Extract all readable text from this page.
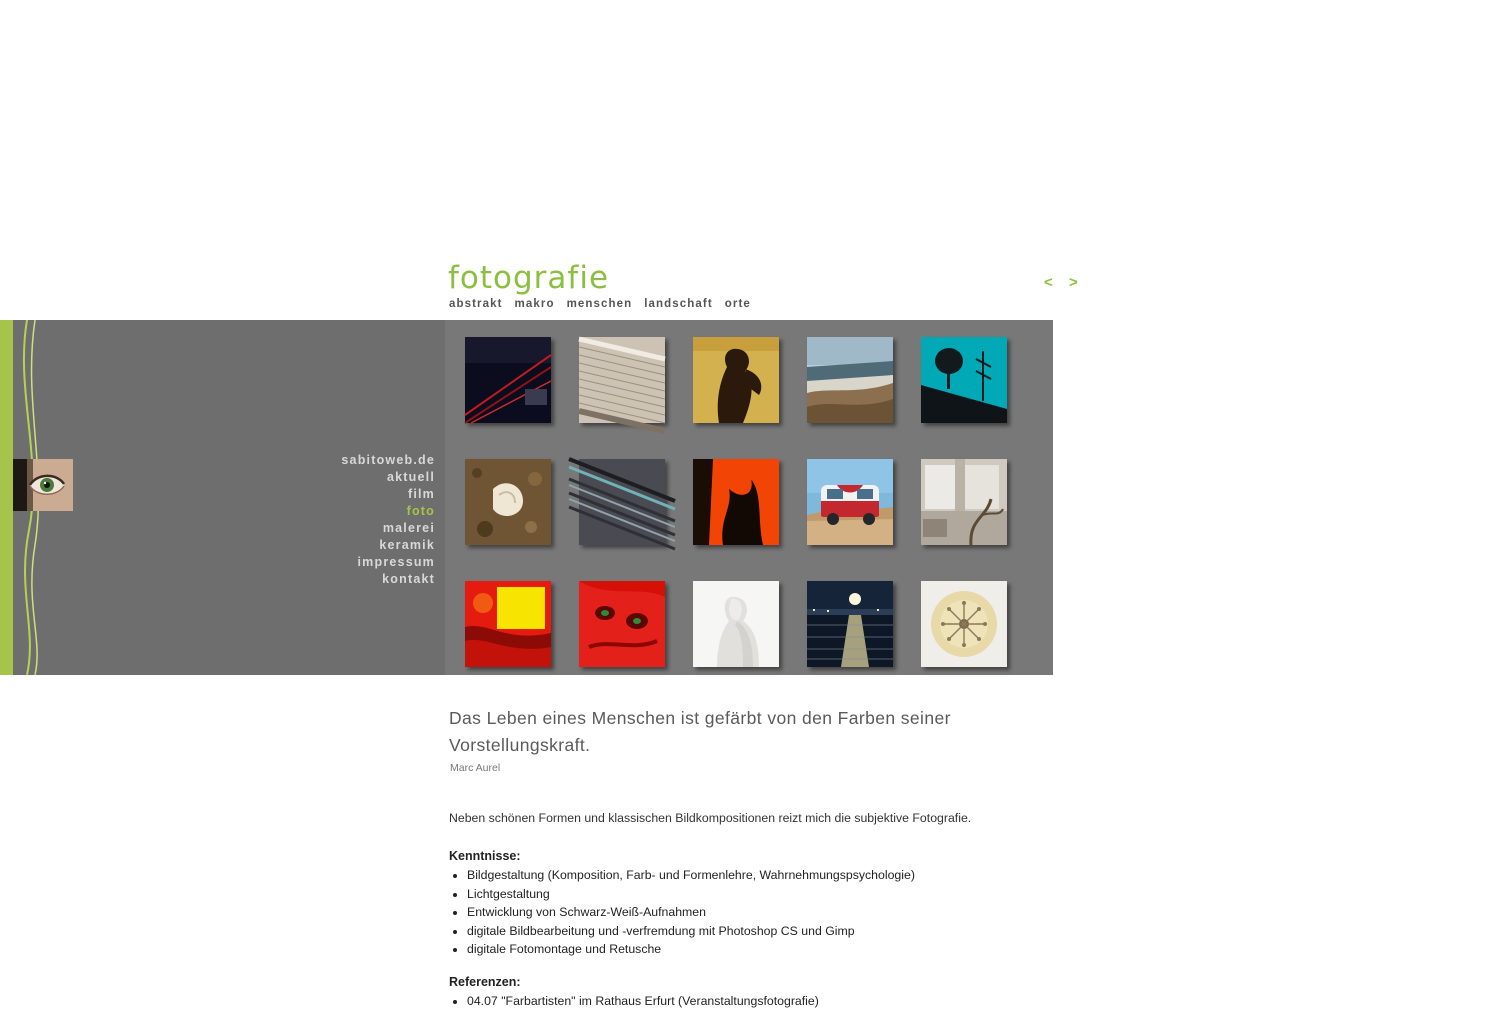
fotografie
abstrakt makro menschen landschaft orte
< >
sabitoweb.de
aktuell
film
foto
malerei
keramik
impressum
kontakt
Das Leben eines Menschen ist gefärbt von den Farben seiner Vorstellungskraft.
Marc Aurel
Neben schönen Formen und klassischen Bildkompositionen reizt mich die subjektive Fotografie.
Kenntnisse:
• Bildgestaltung (Komposition, Farb- und Formenlehre, Wahrnehmungspsychologie)
• Lichtgestaltung
• Entwicklung von Schwarz-Weiß-Aufnahmen
• digitale Bildbearbeitung und -verfremdung mit Photoshop CS und Gimp
• digitale Fotomontage und Retusche
Referenzen:
• 04.07 "Farbartisten" im Rathaus Erfurt (Veranstaltungsfotografie)
